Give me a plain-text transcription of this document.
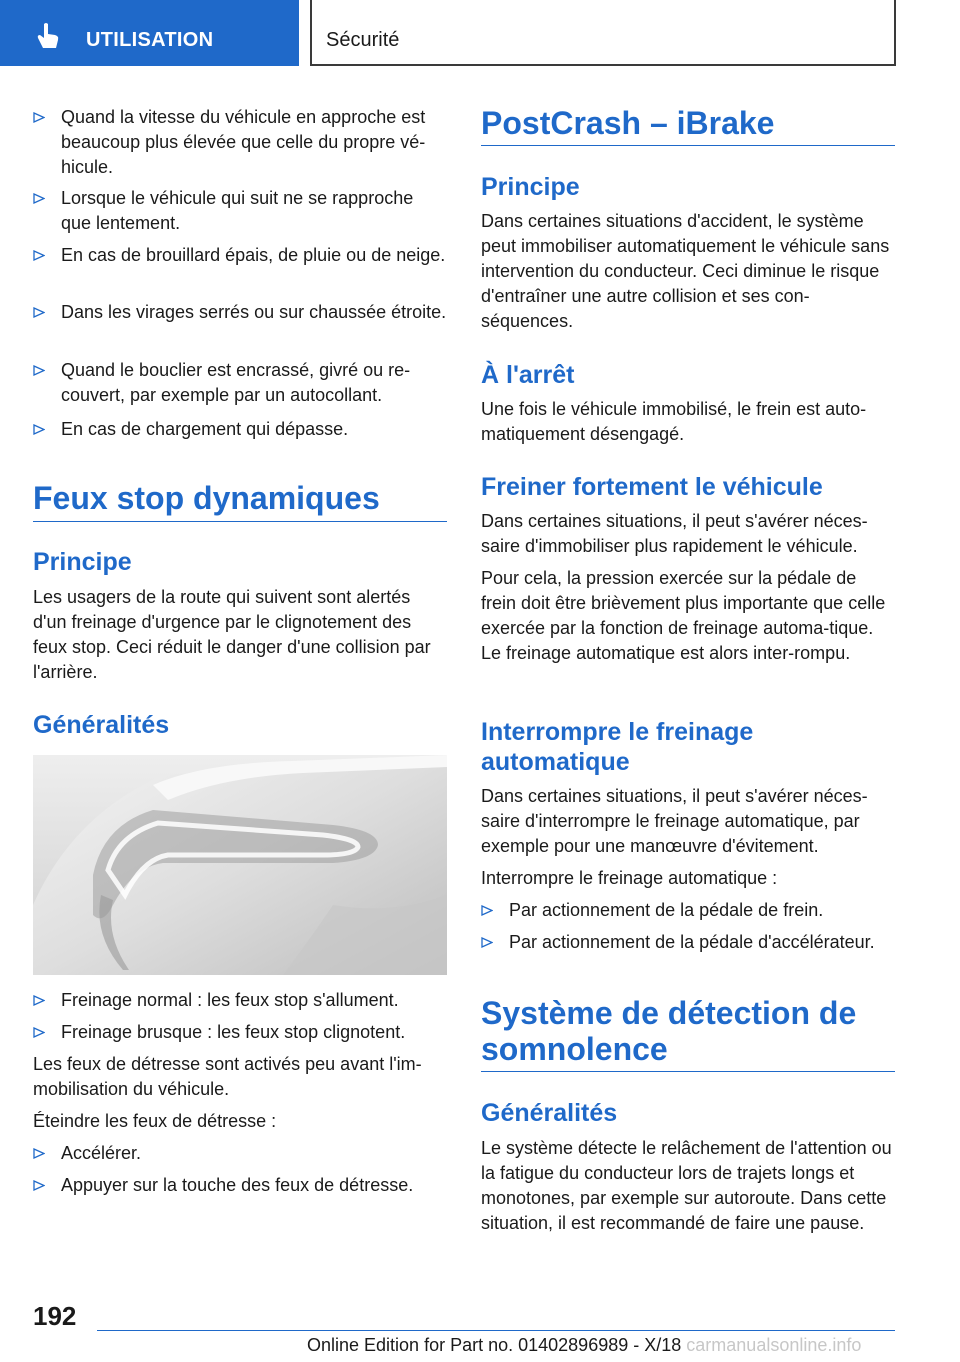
UTILISATION	Sécurité
Quand la vitesse du véhicule en approche est beaucoup plus élevée que celle du propre vé-hicule.
Lorsque le véhicule qui suit ne se rapproche que lentement.
En cas de brouillard épais, de pluie ou de neige.
Dans les virages serrés ou sur chaussée étroite.
Quand le bouclier est encrassé, givré ou re-couvert, par exemple par un autocollant.
En cas de chargement qui dépasse.
Feux stop dynamiques
Principe
Les usagers de la route qui suivent sont alertés d'un freinage d'urgence par le clignotement des feux stop. Ceci réduit le danger d'une collision par l'arrière.
Généralités
Freinage normal : les feux stop s'allument.
Freinage brusque : les feux stop clignotent.
Les feux de détresse sont activés peu avant l'im-mobilisation du véhicule.
Éteindre les feux de détresse :
Accélérer.
Appuyer sur la touche des feux de détresse.
PostCrash – iBrake
Principe
Dans certaines situations d'accident, le système peut immobiliser automatiquement le véhicule sans intervention du conducteur. Ceci diminue le risque d'entraîner une autre collision et ses con-séquences.
À l'arrêt
Une fois le véhicule immobilisé, le frein est auto-matiquement désengagé.
Freiner fortement le véhicule
Dans certaines situations, il peut s'avérer néces-saire d'immobiliser plus rapidement le véhicule.
Pour cela, la pression exercée sur la pédale de frein doit être brièvement plus importante que celle exercée par la fonction de freinage automa-tique. Le freinage automatique est alors inter-rompu.
Interrompre le freinage automatique
Dans certaines situations, il peut s'avérer néces-saire d'interrompre le freinage automatique, par exemple pour une manœuvre d'évitement.
Interrompre le freinage automatique :
Par actionnement de la pédale de frein.
Par actionnement de la pédale d'accélérateur.
Système de détection de somnolence
Généralités
Le système détecte le relâchement de l'attention ou la fatigue du conducteur lors de trajets longs et monotones, par exemple sur autoroute. Dans cette situation, il est recommandé de faire une pause.
192
Online Edition for Part no. 01402896989 - X/18 carmanualsonline.info
